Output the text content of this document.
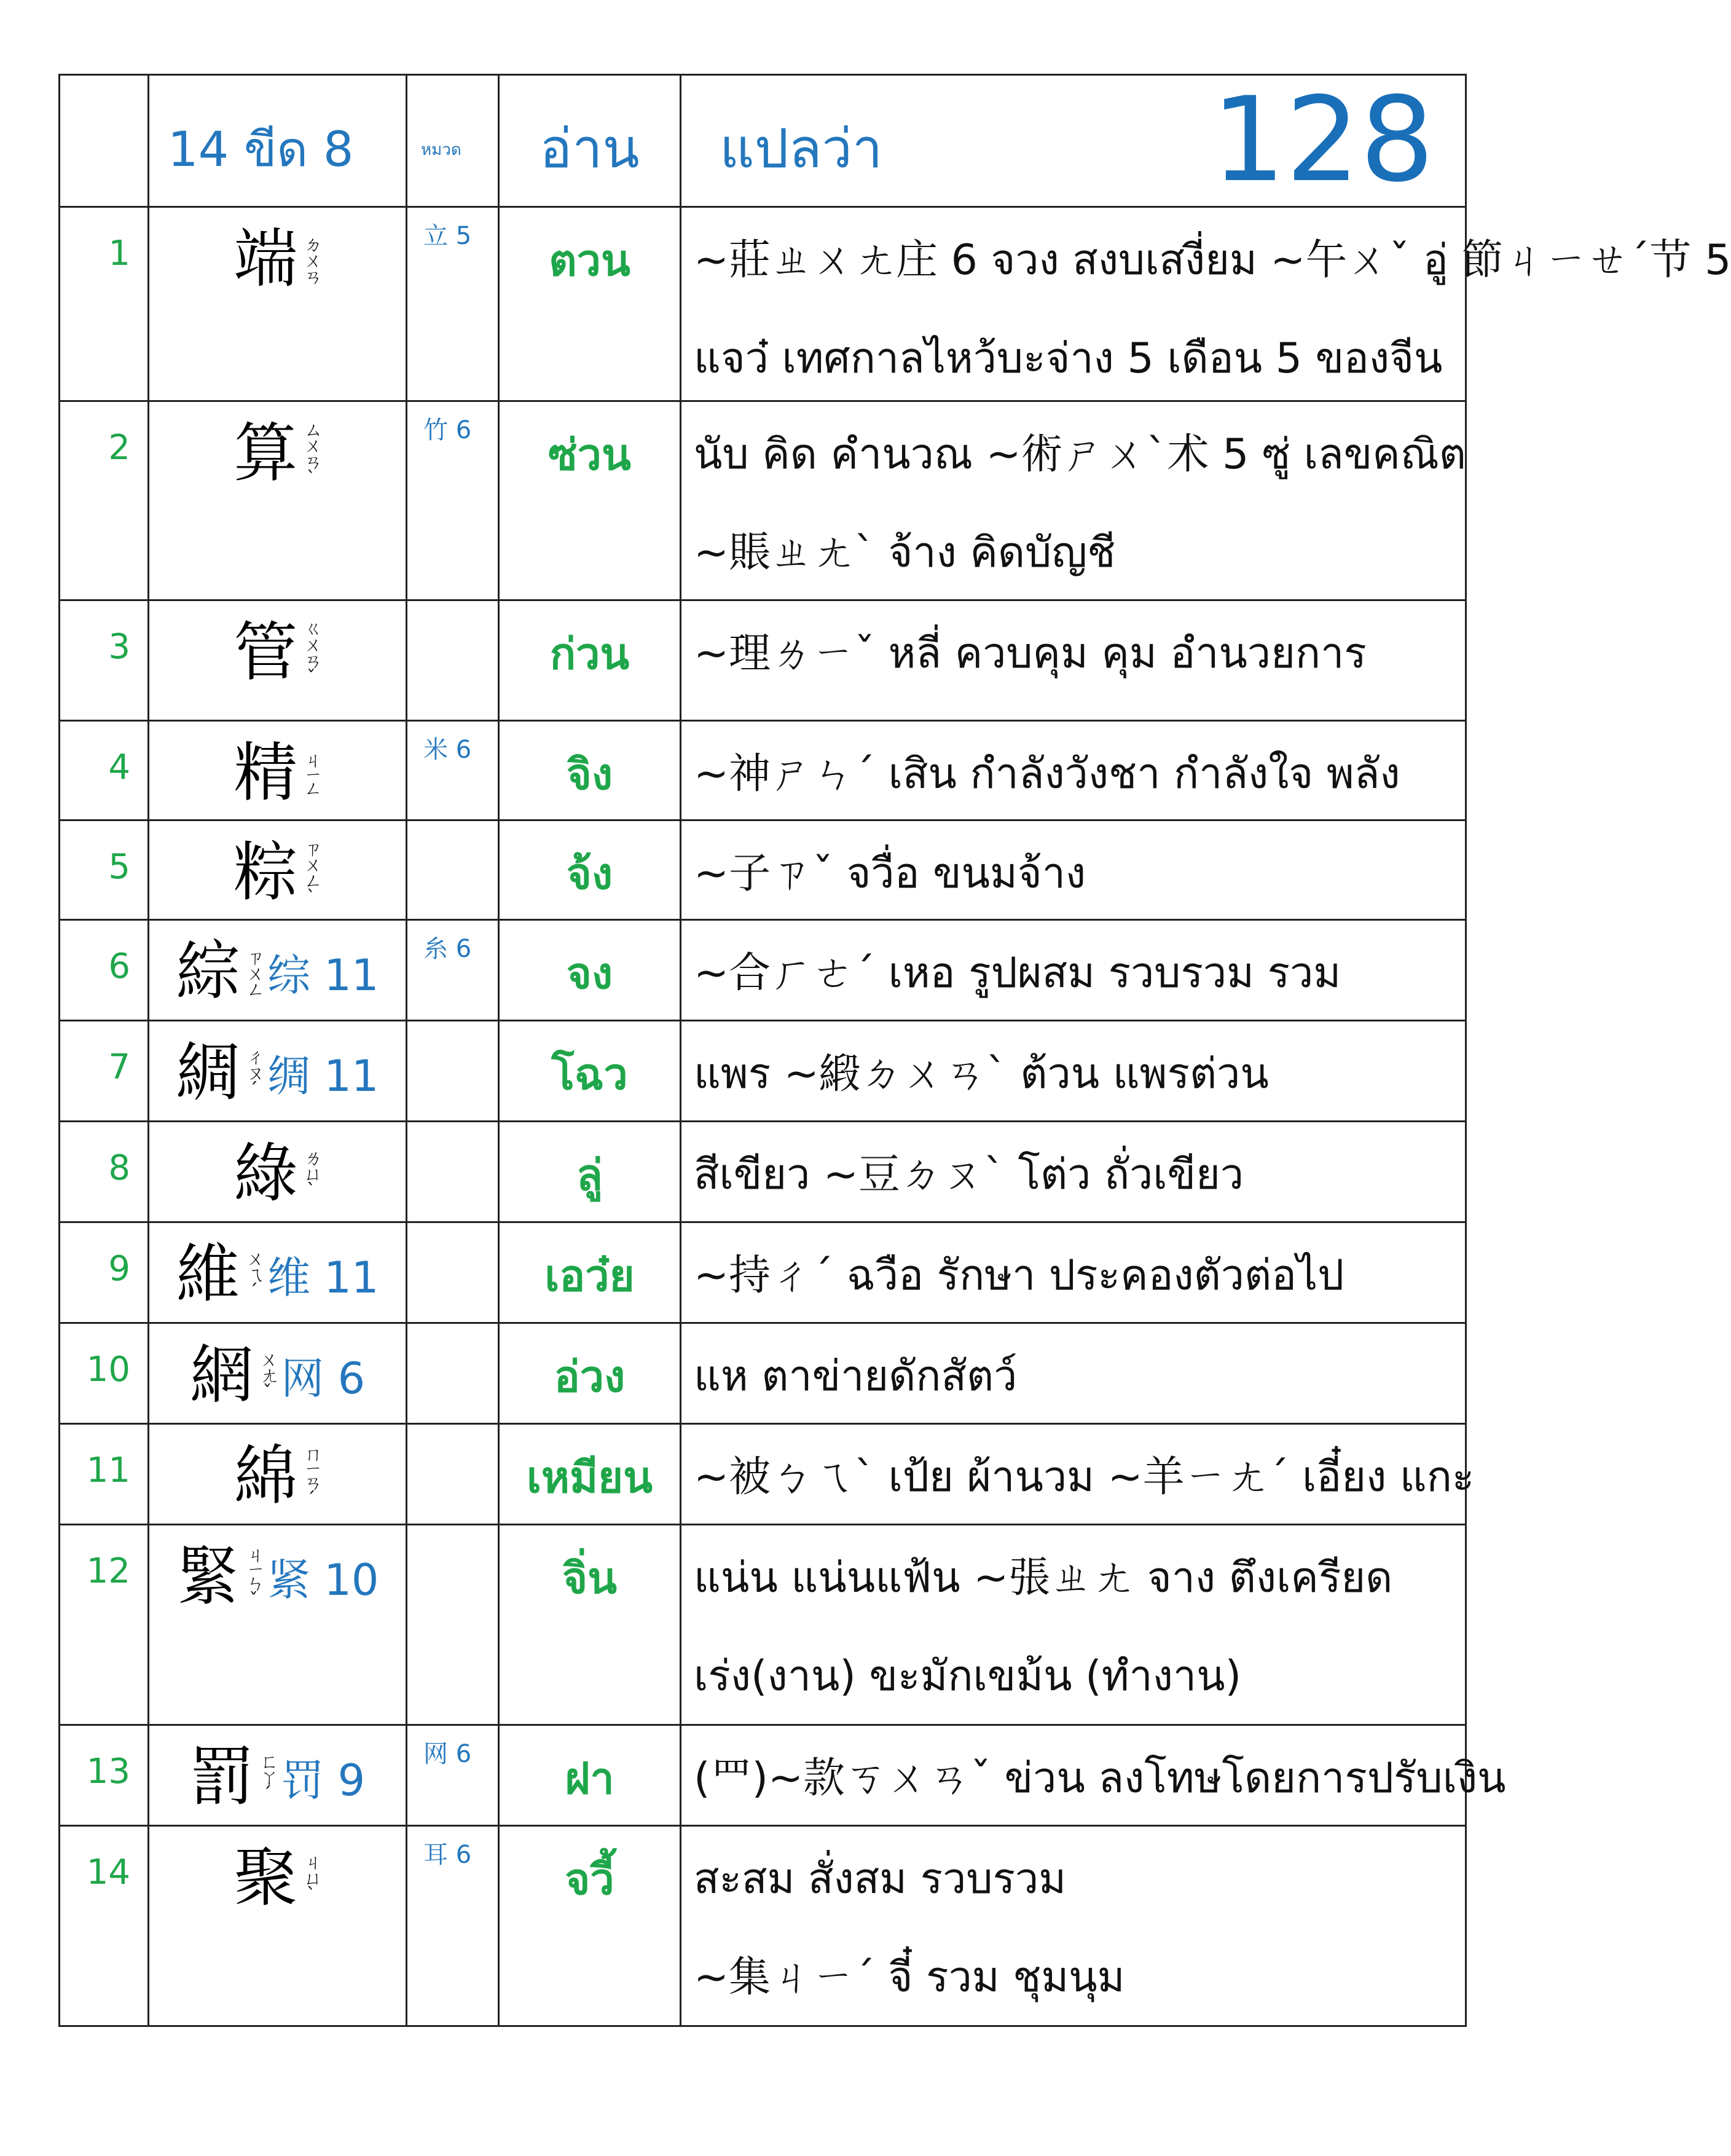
	14 ขีด 8	หมวด	อ่าน	แปลว่า 128

1	端 ㄉㄨㄢ	立 5	ตวน	~莊ㄓㄨㄤ庄 6 จวง สงบเสงี่ยม ~午ㄨˇ อู่ 節ㄐㄧㄝˊ节 5
แจว๋ เทศกาลไหว้บะจ่าง 5 เดือน 5 ของจีน

2	算 ㄙㄨㄢˋ	竹 6	ซ่วน	นับ คิด คำนวณ ~術ㄕㄨˋ术 5 ซู่ เลขคณิต
~賬ㄓㄤˋ จ้าง คิดบัญชี

3	管 ㄍㄨㄢˇ		ก่วน	~理ㄌㄧˇ หลี่ ควบคุม คุม อำนวยการ

4	精 ㄐㄧㄥ	米 6	จิง	~神ㄕㄣˊ เสิน กำลังวังชา กำลังใจ พลัง

5	粽 ㄗㄨㄥˋ		จ้ง	~子ㄗˇ จวื่อ ขนมจ้าง

6	綜 ㄗㄨㄥ 综 11	糸 6	จง	~合ㄏㄜˊ เหอ รูปผสม รวบรวม รวม

7	綢 ㄔㄡˊ 绸 11		โฉว	แพร ~緞ㄉㄨㄢˋ ต้วน แพรต่วน

8	綠 ㄌㄩˋ		ลู่	สีเขียว ~豆ㄉㄡˋ โต่ว ถั่วเขียว

9	維 ㄨㄟˊ 维 11		เอว๋ย	~持ㄔˊ ฉวือ รักษา ประคองตัวต่อไป

10	網 ㄨㄤˇ 网 6		อ่วง	แห ตาข่ายดักสัตว์

11	綿 ㄇㄧㄢˊ		เหมียน	~被ㄅㄟˋ เป้ย ผ้านวม ~羊ㄧㄤˊ เอี๋ยง แกะ

12	緊 ㄐㄧㄣˇ 紧 10		จิ่น	แน่น แน่นแฟ้น ~張ㄓㄤ จาง ตึงเครียด
เร่ง(งาน) ขะมักเขม้น (ทำงาน)

13	罰 ㄈㄚˊ 罚 9	网 6	ฝา	(罒)~款ㄎㄨㄢˇ ข่วน ลงโทษโดยการปรับเงิน

14	聚 ㄐㄩˋ	耳 6	จวี้	สะสม สั่งสม รวบรวม
~集ㄐㄧˊ จี๋ รวม ชุมนุม
